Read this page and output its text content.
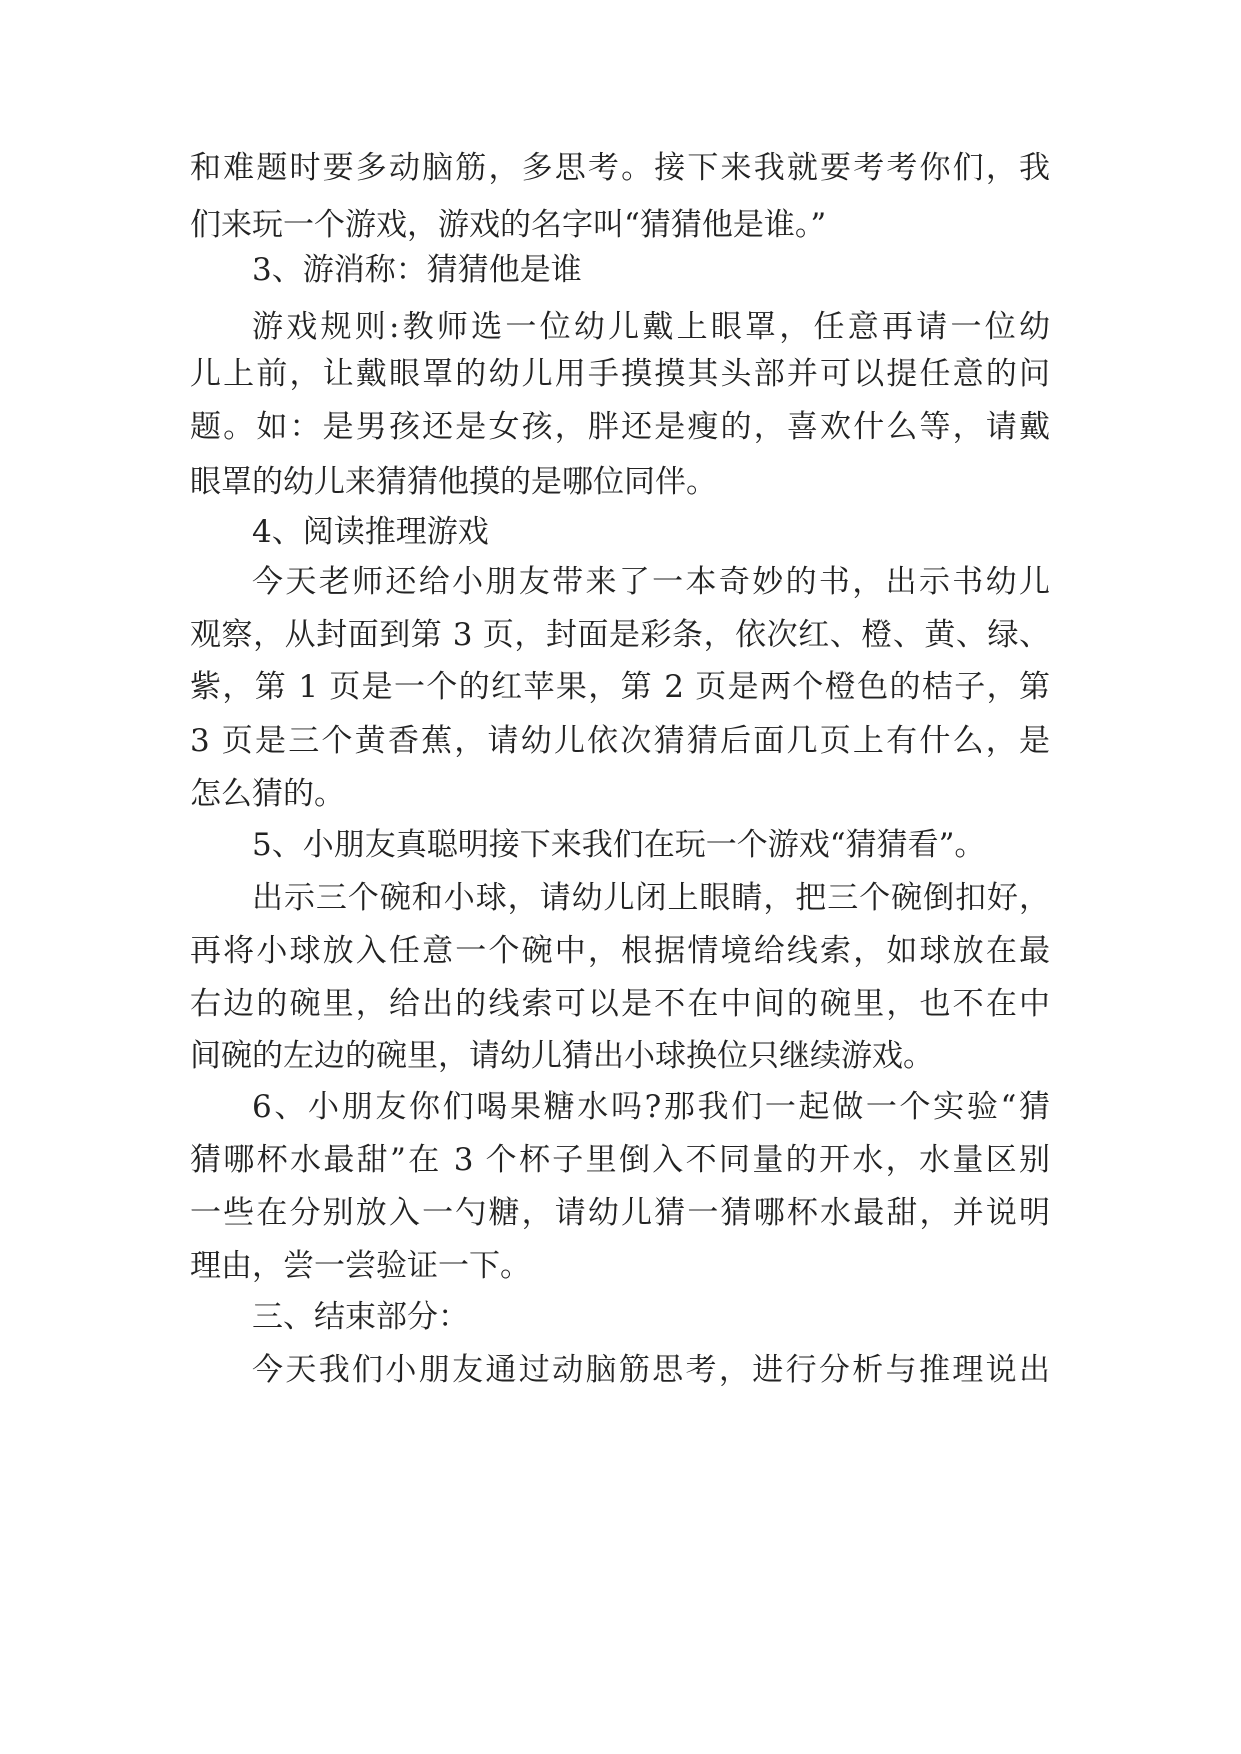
和难题时要多动脑筋，多思考。接下来我就要考考你们，我
们来玩一个游戏，游戏的名字叫“猜猜他是谁。”
3、游消称：猜猜他是谁
游戏规则:教师选一位幼儿戴上眼罩，任意再请一位幼
儿上前，让戴眼罩的幼儿用手摸摸其头部并可以提任意的问
题。如：是男孩还是女孩，胖还是瘦的，喜欢什么等，请戴
眼罩的幼儿来猜猜他摸的是哪位同伴。
4、阅读推理游戏
今天老师还给小朋友带来了一本奇妙的书，出示书幼儿
观察，从封面到第 3 页，封面是彩条，依次红、橙、黄、绿、
紫，第 1 页是一个的红苹果，第 2 页是两个橙色的桔子，第
3 页是三个黄香蕉，请幼儿依次猜猜后面几页上有什么，是
怎么猜的。
5、小朋友真聪明接下来我们在玩一个游戏“猜猜看”。
出示三个碗和小球，请幼儿闭上眼睛，把三个碗倒扣好，
再将小球放入任意一个碗中，根据情境给线索，如球放在最
右边的碗里，给出的线索可以是不在中间的碗里，也不在中
间碗的左边的碗里，请幼儿猜出小球换位只继续游戏。
6、小朋友你们喝果糖水吗?那我们一起做一个实验“猜
猜哪杯水最甜”在 3 个杯子里倒入不同量的开水，水量区别
一些在分别放入一勺糖，请幼儿猜一猜哪杯水最甜，并说明
理由，尝一尝验证一下。
三、结束部分：
今天我们小朋友通过动脑筋思考，进行分析与推理说出
